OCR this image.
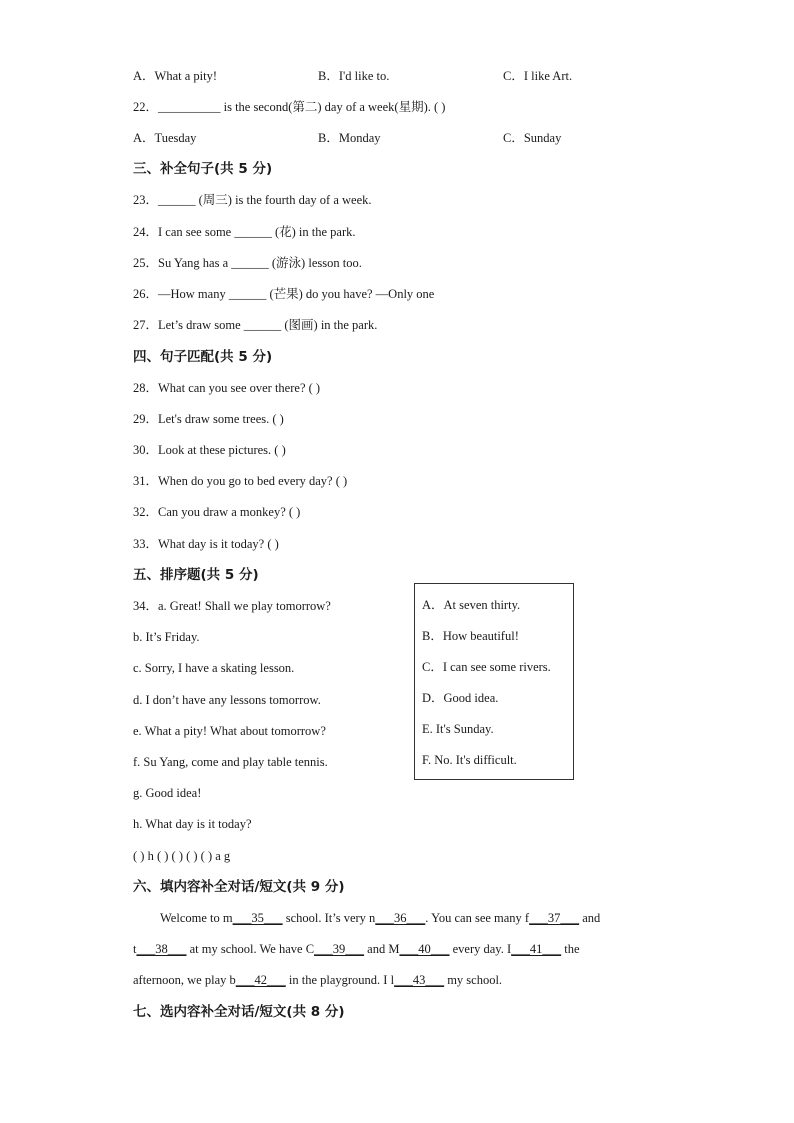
A．What a pity!	B．I'd like to.	C．I like Art.
22．__________ is the second(第二) day of a week(星期). ( )
A．Tuesday	B．Monday	C．Sunday
三、补全句子(共 5 分)
23．______ (周三) is the fourth day of a week.
24．I can see some ______ (花) in the park.
25．Su Yang has a ______ (游泳) lesson too.
26．—How many ______ (芒果) do you have? —Only one
27．Let’s draw some ______ (图画) in the park.
四、句子匹配(共 5 分)
28．What can you see over there? ( )
29．Let's draw some trees. ( )
30．Look at these pictures. ( )
31．When do you go to bed every day? ( )
32．Can you draw a monkey? ( )
33．What day is it today? ( )
五、排序题(共 5 分)
34．a. Great! Shall we play tomorrow?
b. It’s Friday.
c. Sorry, I have a skating lesson.
d. I don’t have any lessons tomorrow.
e. What a pity! What about tomorrow?
f. Su Yang, come and play table tennis.
g. Good idea!
h. What day is it today?
( ) h ( ) ( ) ( ) ( ) a g
A．At seven thirty.
B．How beautiful!
C．I can see some rivers.
D．Good idea.
E. It's Sunday.
F. No. It's difficult.
六、填内容补全对话/短文(共 9 分)
Welcome to m___35___ school. It’s very n___36___. You can see many f___37___ and
t___38___ at my school. We have C___39___ and M___40___ every day. I___41___ the
afternoon, we play b___42___ in the playground. I l___43___ my school.
七、选内容补全对话/短文(共 8 分)
